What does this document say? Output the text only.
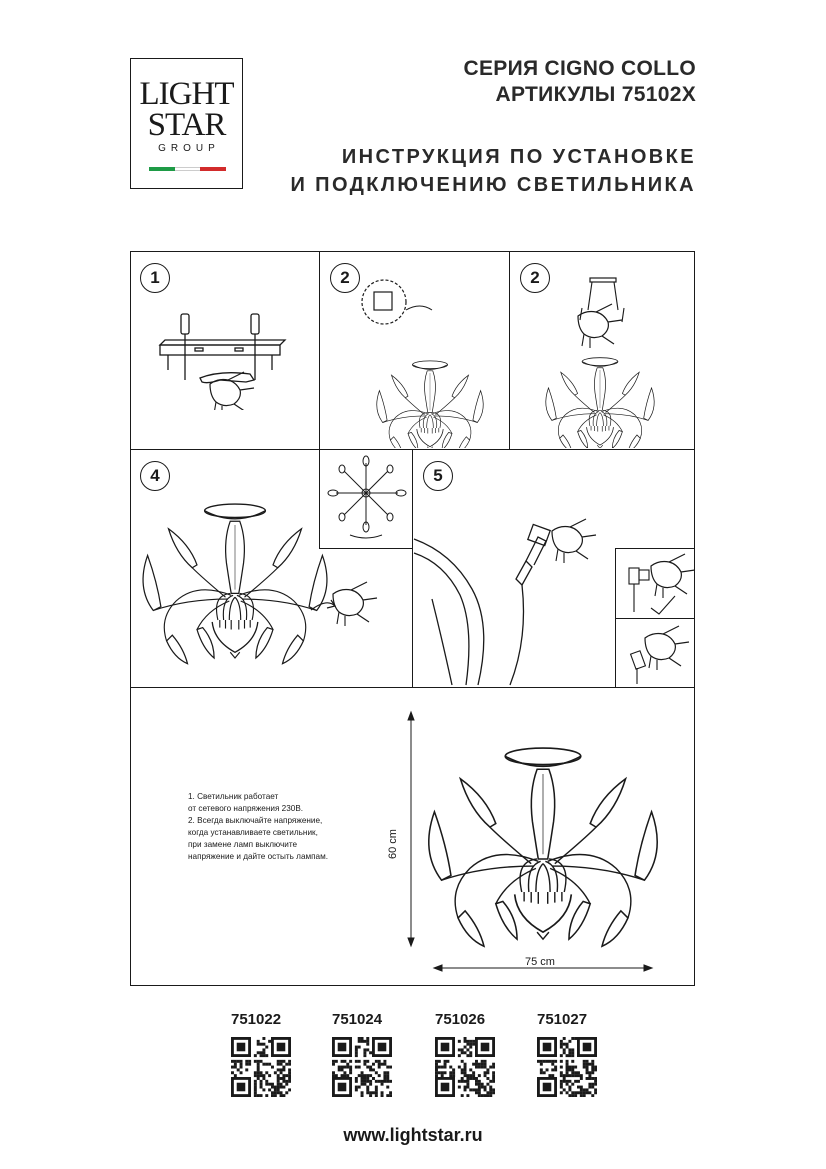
LIGHT
STAR
GROUP
СЕРИЯ CIGNO COLLO
АРТИКУЛЫ 75102X
ИНСТРУКЦИЯ ПО УСТАНОВКЕ
И ПОДКЛЮЧЕНИЮ СВЕТИЛЬНИКА
1	2	2
4	5
1. Светильник работает
от сетевого напряжения 230В.
2. Всегда выключайте напряжение,
когда устанавливаете светильник,
при замене ламп выключите
напряжение и дайте остыть лампам.	60 cm
75 cm
751022	751024	751026	751027
www.lightstar.ru
